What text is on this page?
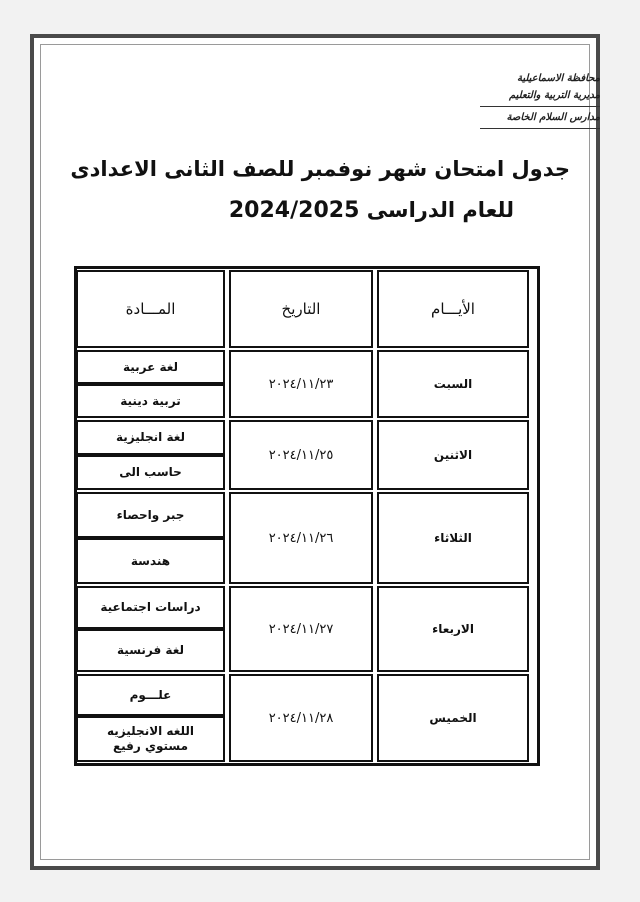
محافظة الاسماعيلية
مديرية التربية والتعليم
مدارس السلام الخاصة
جدول امتحان شهر نوفمبر للصف الثانى الاعدادى
للعام الدراسى 2024/2025
الأيـــام
التاريخ
المـــادة
السبت
٢٠٢٤/١١/٢٣
لغة عربية
تربية دينية
الاثنين
٢٠٢٤/١١/٢٥
لغة انجليزية
حاسب الى
الثلاثاء
٢٠٢٤/١١/٢٦
جبر واحصاء
هندسة
الاربعاء
٢٠٢٤/١١/٢٧
دراسات اجتماعية
لغة فرنسية
الخميس
٢٠٢٤/١١/٢٨
علـــوم
اللغه الانجليزيه مستوي رفيع
